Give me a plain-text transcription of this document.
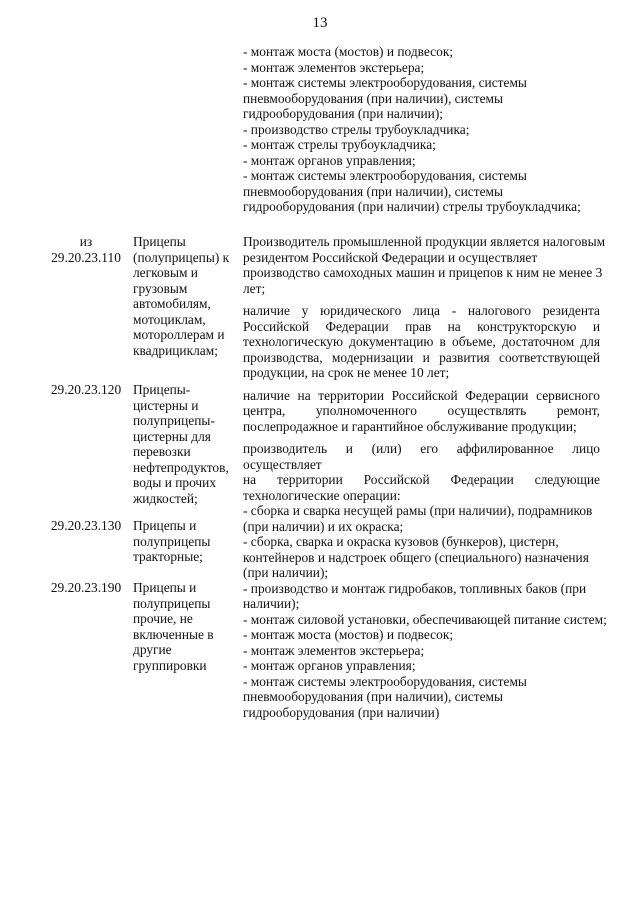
13
- монтаж моста (мостов) и подвесок;
- монтаж элементов экстерьера;
- монтаж системы электрооборудования, системы
пневмооборудования (при наличии), системы
гидрооборудования (при наличии);
- производство стрелы трубоукладчика;
- монтаж стрелы трубоукладчика;
- монтаж органов управления;
- монтаж системы электрооборудования, системы
пневмооборудования (при наличии), системы
гидрооборудования (при наличии) стрелы трубоукладчика;
из
29.20.23.110
29.20.23.120
29.20.23.130
29.20.23.190
Прицепы
(полуприцепы) к
легковым и
грузовым
автомобилям,
мотоциклам,
мотороллерам и
квадрициклам;
Прицепы-
цистерны и
полуприцепы-
цистерны для
перевозки
нефтепродуктов,
воды и прочих
жидкостей;
Прицепы и
полуприцепы
тракторные;
Прицепы и
полуприцепы
прочие, не
включенные в
другие
группировки
Производитель промышленной продукции является налоговым
резидентом Российской Федерации и осуществляет
производство самоходных машин и прицепов к ним не менее 3
лет;
наличие у юридического лица - налогового резидента
Российской Федерации прав на конструкторскую и
технологическую документацию в объеме, достаточном для
производства, модернизации и развития соответствующей
продукции, на срок не менее 10 лет;
наличие на территории Российской Федерации сервисного
центра, уполномоченного осуществлять ремонт,
послепродажное и гарантийное обслуживание продукции;
производитель и (или) его аффилированное лицо осуществляет
на территории Российской Федерации следующие
технологические операции:
- сборка и сварка несущей рамы (при наличии), подрамников
(при наличии) и их окраска;
- сборка, сварка и окраска кузовов (бункеров), цистерн,
контейнеров и надстроек общего (специального) назначения
(при наличии);
- производство и монтаж гидробаков, топливных баков (при
наличии);
- монтаж силовой установки, обеспечивающей питание систем;
- монтаж моста (мостов) и подвесок;
- монтаж элементов экстерьера;
- монтаж органов управления;
- монтаж системы электрооборудования, системы
пневмооборудования (при наличии), системы
гидрооборудования (при наличии)
